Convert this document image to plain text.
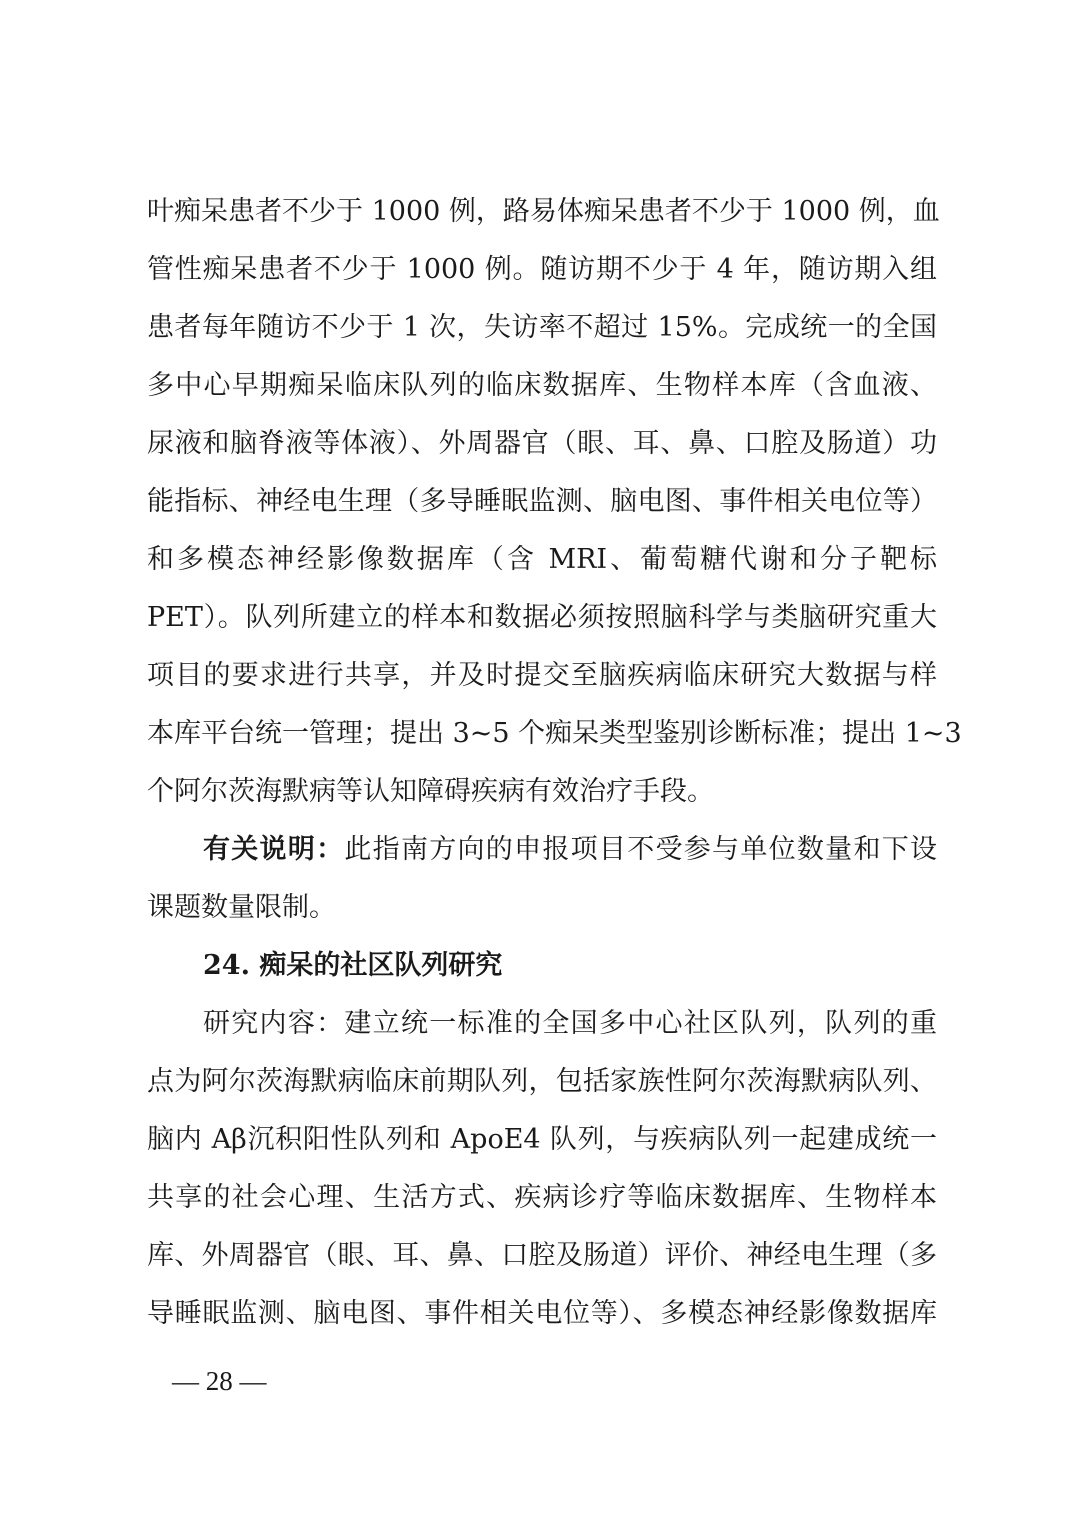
叶痴呆患者不少于 1000 例，路易体痴呆患者不少于 1000 例，血
管性痴呆患者不少于 1000 例。随访期不少于 4 年，随访期入组
患者每年随访不少于 1 次，失访率不超过 15%。完成统一的全国
多中心早期痴呆临床队列的临床数据库、生物样本库（含血液、
尿液和脑脊液等体液）、外周器官（眼、耳、鼻、口腔及肠道）功
能指标、神经电生理（多导睡眠监测、脑电图、事件相关电位等）
和多模态神经影像数据库（含 MRI、葡萄糖代谢和分子靶标
PET）。队列所建立的样本和数据必须按照脑科学与类脑研究重大
项目的要求进行共享，并及时提交至脑疾病临床研究大数据与样
本库平台统一管理；提出 3~5 个痴呆类型鉴别诊断标准；提出 1~3
个阿尔茨海默病等认知障碍疾病有效治疗手段。
有关说明：此指南方向的申报项目不受参与单位数量和下设
课题数量限制。
24. 痴呆的社区队列研究
研究内容：建立统一标准的全国多中心社区队列，队列的重
点为阿尔茨海默病临床前期队列，包括家族性阿尔茨海默病队列、
脑内 Aβ沉积阳性队列和 ApoE4 队列，与疾病队列一起建成统一
共享的社会心理、生活方式、疾病诊疗等临床数据库、生物样本
库、外周器官（眼、耳、鼻、口腔及肠道）评价、神经电生理（多
导睡眠监测、脑电图、事件相关电位等）、多模态神经影像数据库
— 28 —
